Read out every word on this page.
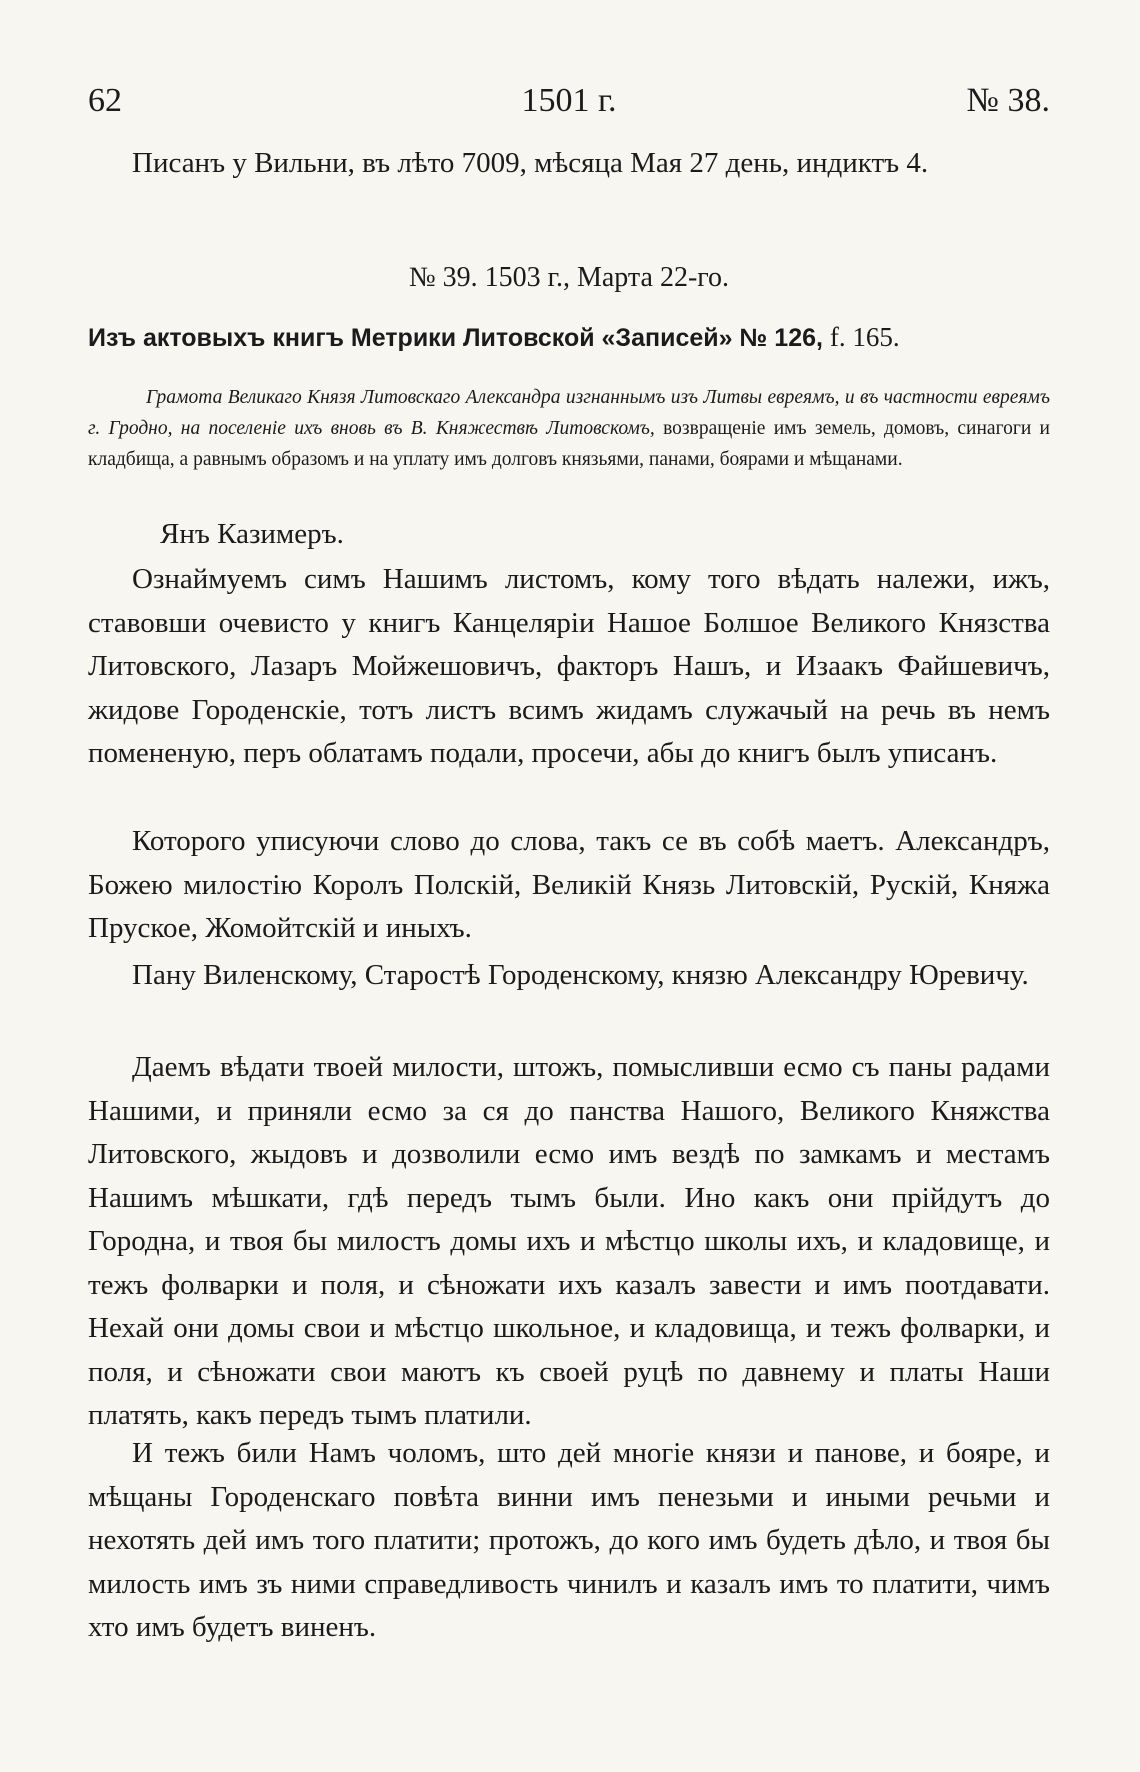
62	1501 г.	№ 38.

Писанъ у Вильни, въ лѣто 7009, мѣсяца Мая 27 день, индиктъ 4.

№ 39. 1503 г., Марта 22-го.
Изъ актовыхъ книгъ Метрики Литовской «Записей» № 126, f. 165.

Грамота Великаго Князя Литовскаго Александра изгнаннымъ изъ Литвы евреямъ, и въ частности евреямъ г. Гродно, на поселеніе ихъ вновь въ В. Княжествѣ Литовскомъ, возвращеніе имъ земель, домовъ, синагоги и кладбища, а равнымъ образомъ и на уплату имъ долговъ князьями, панами, боярами и мѣщанами.

Янъ Казимеръ.

Ознаймуемъ симъ Нашимъ листомъ, кому того вѣдать належи, ижъ, ставовши очевисто у книгъ Канцеляріи Нашое Болшое Великого Князства Литовского, Лазаръ Мойжешовичъ, факторъ Нашъ, и Изаакъ Файшевичъ, жидове Городенскіе, тотъ листъ всимъ жидамъ служачый на речь въ немъ помененую, перъ облатамъ подали, просечи, абы до книгъ былъ уписанъ.

Которого уписуючи слово до слова, такъ се въ собѣ маетъ. Александръ, Божею милостію Королъ Полскій, Великій Князь Литовскій, Рускій, Княжа Пруское, Жомойтскій и иныхъ.

Пану Виленскому, Старостѣ Городенскому, князю Александру Юревичу.

Даемъ вѣдати твоей милости, штожъ, помысливши есмо съ паны радами Нашими, и приняли есмо за ся до панства Нашого, Великого Княжства Литовского, жыдовъ и дозволили есмо имъ вездѣ по замкамъ и местамъ Нашимъ мѣшкати, гдѣ передъ тымъ были. Ино какъ они прійдутъ до Городна, и твоя бы милостъ домы ихъ и мѣстцо школы ихъ, и кладовище, и тежъ фолварки и поля, и сѣножати ихъ казалъ завести и имъ поотдавати. Нехай они домы свои и мѣстцо школьное, и кладовища, и тежъ фолварки, и поля, и сѣножати свои маютъ къ своей руцѣ по давнему и платы Наши платять, какъ передъ тымъ платили.

И тежъ били Намъ чоломъ, што дей многіе князи и панове, и бояре, и мѣщаны Городенскаго повѣта винни имъ пенезьми и иными речьми и нехотять дей имъ того платити; протожъ, до кого имъ будеть дѣло, и твоя бы милость имъ зъ ними справедливость чинилъ и казалъ имъ то платити, чимъ хто имъ будетъ виненъ.
